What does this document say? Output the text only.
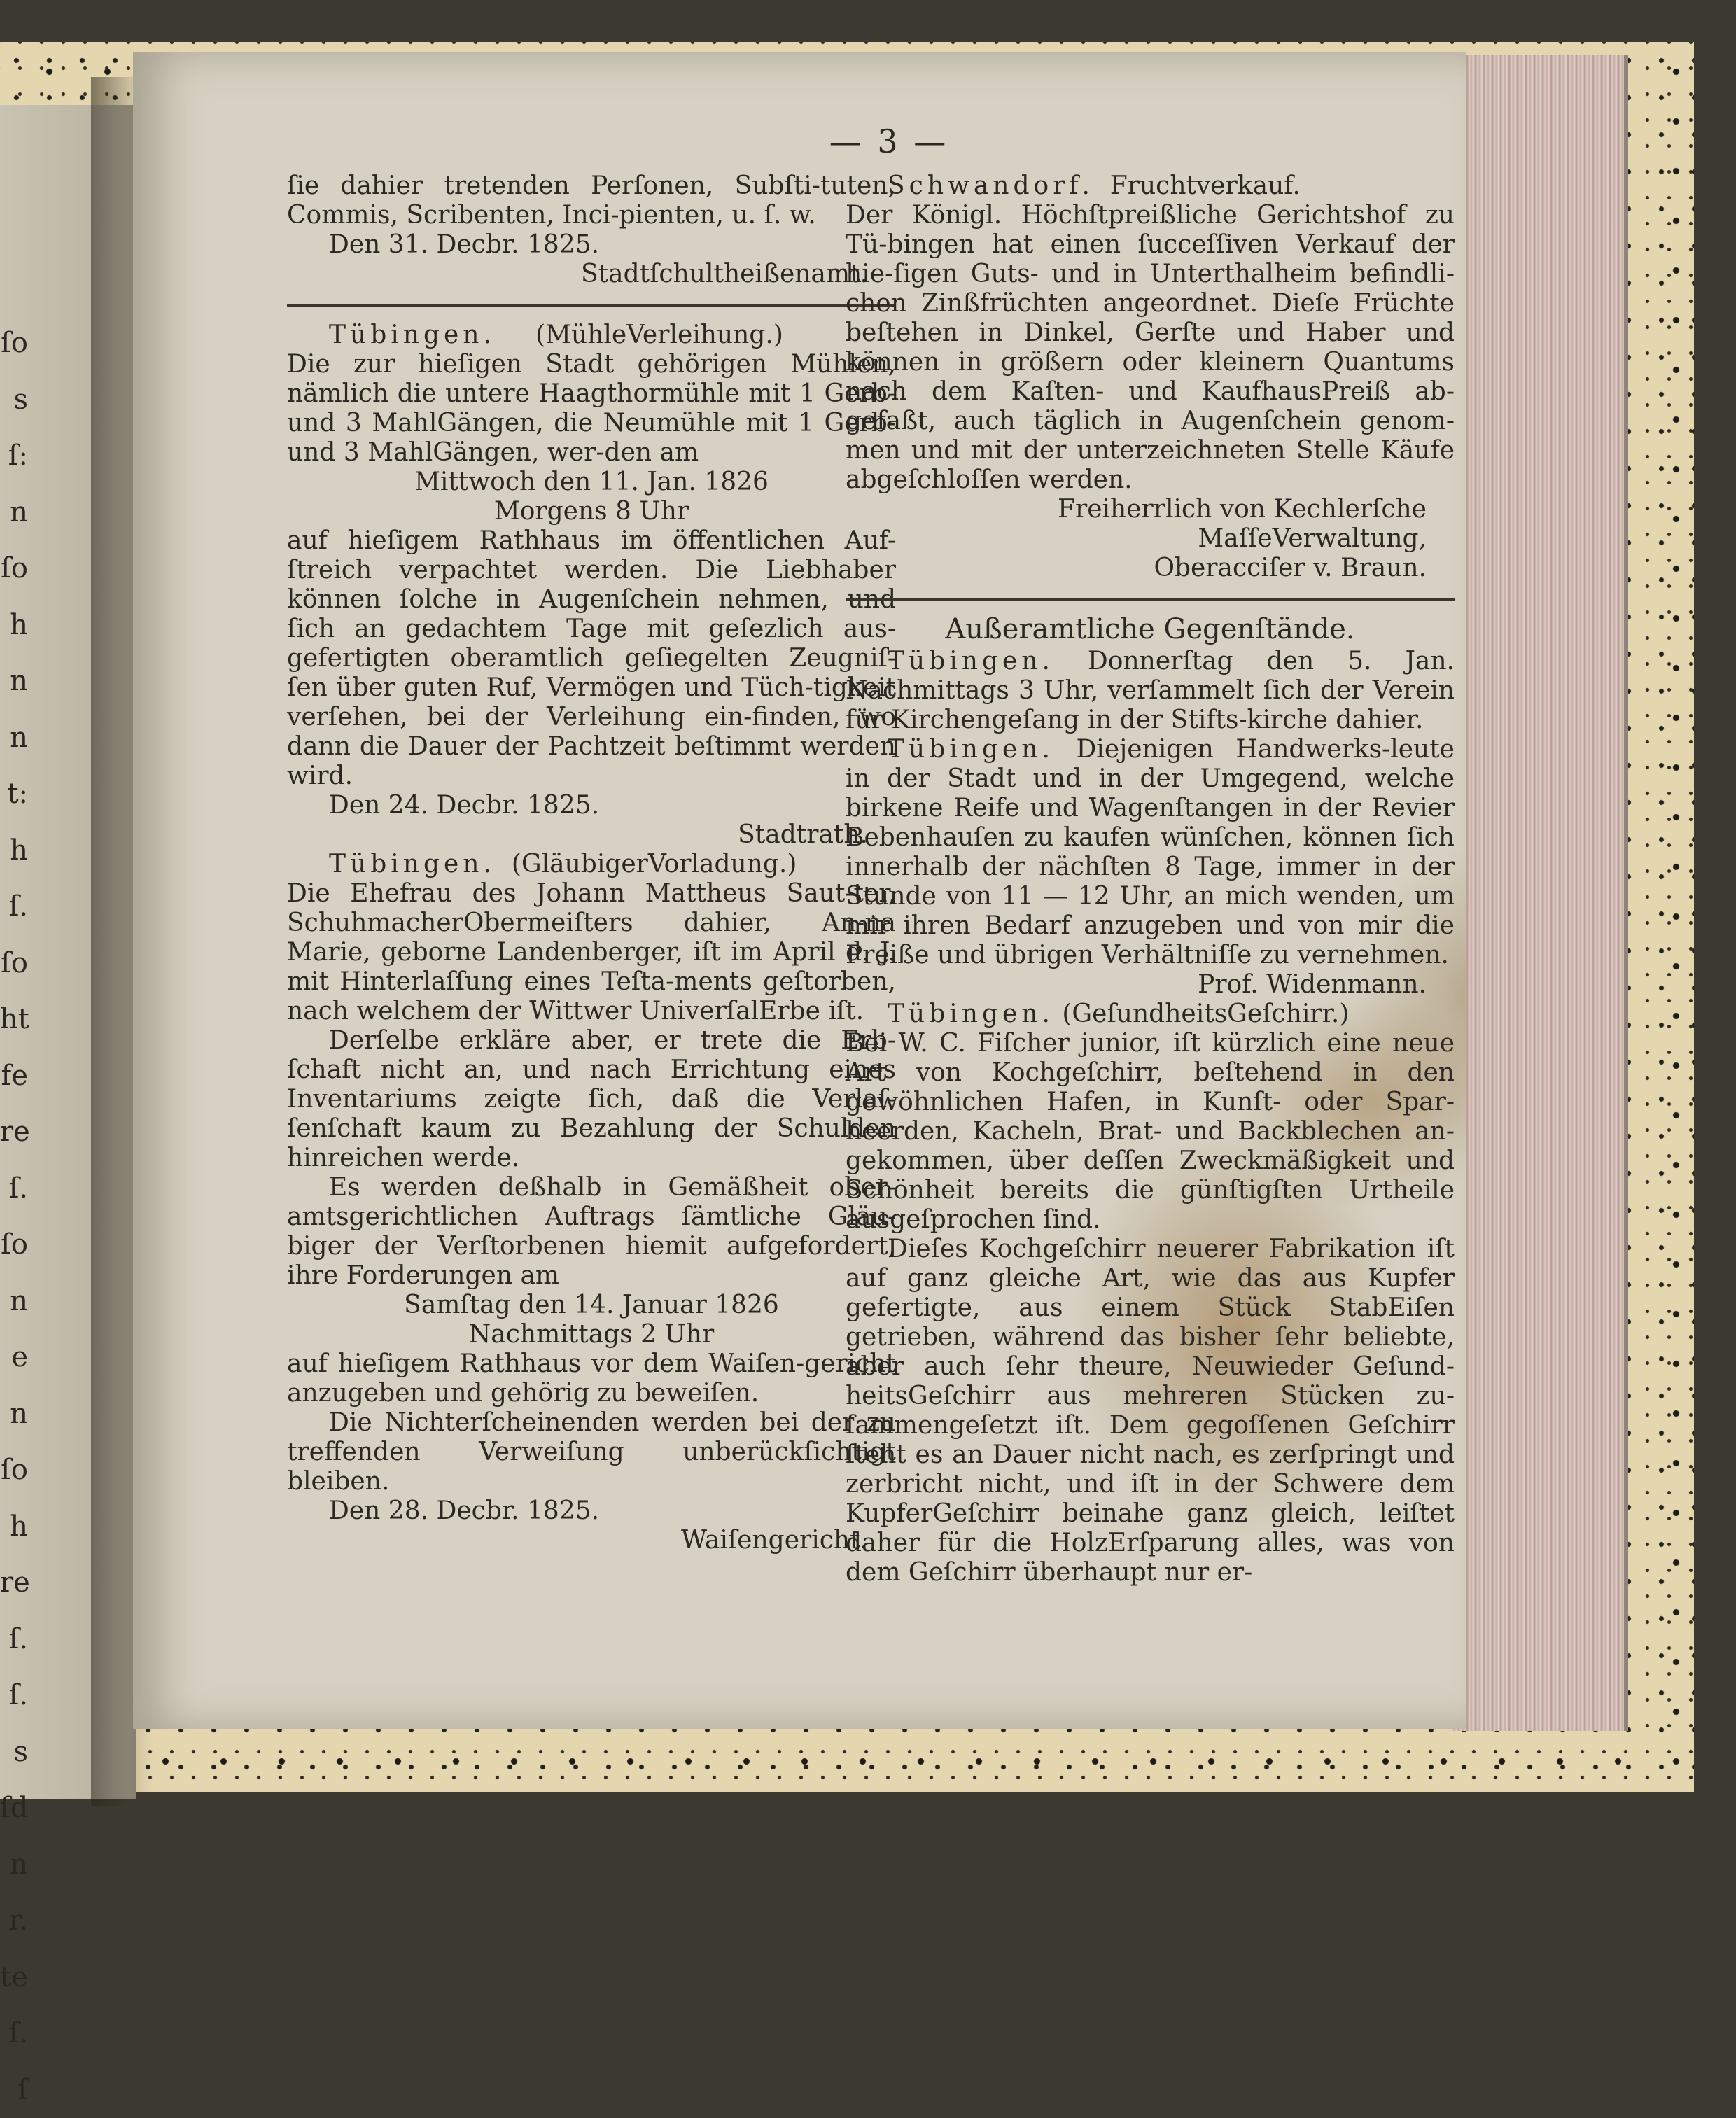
ſo
s
ſ:
n
ſo
h
n
n
t:
h
ſ.
ſo
ht
fe
re
ſ.
ſo
n
e
n
ſo
h
re
ſ.
ſ.
s
ſd
n
r.
te
ſ.
ſ
— 3 —

ſie dahier tretenden Perſonen, Subſti-tuten, Commis, Scribenten, Inci-pienten, u. ſ. w.

Den 31. Decbr. 1825.

Stadtſchultheißenamt.

Tübingen. (MühleVerleihung.)

Die zur hieſigen Stadt gehörigen Mühlen, nämlich die untere Haagthormühle mit 1 Gerb- und 3 MahlGängen, die Neumühle mit 1 Gerb- und 3 MahlGängen, wer-den am

Mittwoch den 11. Jan. 1826

Morgens 8 Uhr

auf hieſigem Rathhaus im öffentlichen Auf-ſtreich verpachtet werden. Die Liebhaber können ſolche in Augenſchein nehmen, und ſich an gedachtem Tage mit geſezlich aus-gefertigten oberamtlich geſiegelten Zeugniſ-ſen über guten Ruf, Vermögen und Tüch-tigkeit verſehen, bei der Verleihung ein-finden, wo dann die Dauer der Pachtzeit beſtimmt werden wird.

Den 24. Decbr. 1825.

Stadtrath.

Tübingen. (GläubigerVorladung.)

Die Ehefrau des Johann Mattheus Saut-ter, SchuhmacherObermeiſters dahier, An-na Marie, geborne Landenberger, iſt im April d. J. mit Hinterlaſſung eines Teſta-ments geſtorben, nach welchem der Wittwer UniverſalErbe iſt.

Derſelbe erkläre aber, er trete die Erb-ſchaft nicht an, und nach Errichtung eines Inventariums zeigte ſich, daß die Verlaſ-ſenſchaft kaum zu Bezahlung der Schulden hinreichen werde.

Es werden deßhalb in Gemäßheit ober-amtsgerichtlichen Auftrags ſämtliche Gläu-biger der Verſtorbenen hiemit aufgefordert, ihre Forderungen am

Samſtag den 14. Januar 1826

Nachmittags 2 Uhr

auf hieſigem Rathhaus vor dem Waiſen-gericht anzugeben und gehörig zu beweiſen.

Die Nichterſcheinenden werden bei der zu treffenden Verweiſung unberückſichtigt bleiben.

Den 28. Decbr. 1825.

Waiſengericht.

Schwandorf. Fruchtverkauf.

Der Königl. Höchſtpreißliche Gerichtshof zu Tü-bingen hat einen ſucceſſiven Verkauf der hie-ſigen Guts- und in Unterthalheim befindli-chen Zinßfrüchten angeordnet. Dieſe Früchte beſtehen in Dinkel, Gerſte und Haber und können in größern oder kleinern Quantums nach dem Kaſten- und KaufhausPreiß ab-gefaßt, auch täglich in Augenſchein genom-men und mit der unterzeichneten Stelle Käufe abgeſchloſſen werden.

Freiherrlich von Kechlerſche

MaſſeVerwaltung,

Oberacciſer v. Braun.

Außeramtliche Gegenſtände.

Tübingen. Donnerſtag den 5. Jan. Nachmittags 3 Uhr, verſammelt ſich der Verein für Kirchengeſang in der Stifts-kirche dahier.

Tübingen. Diejenigen Handwerks-leute in der Stadt und in der Umgegend, welche birkene Reife und Wagenſtangen in der Revier Bebenhauſen zu kaufen wünſchen, können ſich innerhalb der nächſten 8 Tage, immer in der Stunde von 11 — 12 Uhr, an mich wenden, um mir ihren Bedarf anzugeben und von mir die Preiße und übrigen Verhältniſſe zu vernehmen.

Prof. Widenmann.

Tübingen. (GeſundheitsGeſchirr.)

Bei W. C. Fiſcher junior, iſt kürzlich eine neue Art von Kochgeſchirr, beſtehend in den gewöhnlichen Hafen, in Kunſt- oder Spar-heerden, Kacheln, Brat- und Backblechen an-gekommen, über deſſen Zweckmäßigkeit und Schönheit bereits die günſtigſten Urtheile ausgeſprochen ſind.

Dieſes Kochgeſchirr neuerer Fabrikation iſt auf ganz gleiche Art, wie das aus Kupfer gefertigte, aus einem Stück StabEiſen getrieben, während das bisher ſehr beliebte, aber auch ſehr theure, Neuwieder Geſund-heitsGeſchirr aus mehreren Stücken zu-ſammengeſetzt iſt. Dem gegoſſenen Geſchirr ſteht es an Dauer nicht nach, es zerſpringt und zerbricht nicht, und iſt in der Schwere dem KupferGeſchirr beinahe ganz gleich, leiſtet daher für die HolzErſparung alles, was von dem Geſchirr überhaupt nur er-
